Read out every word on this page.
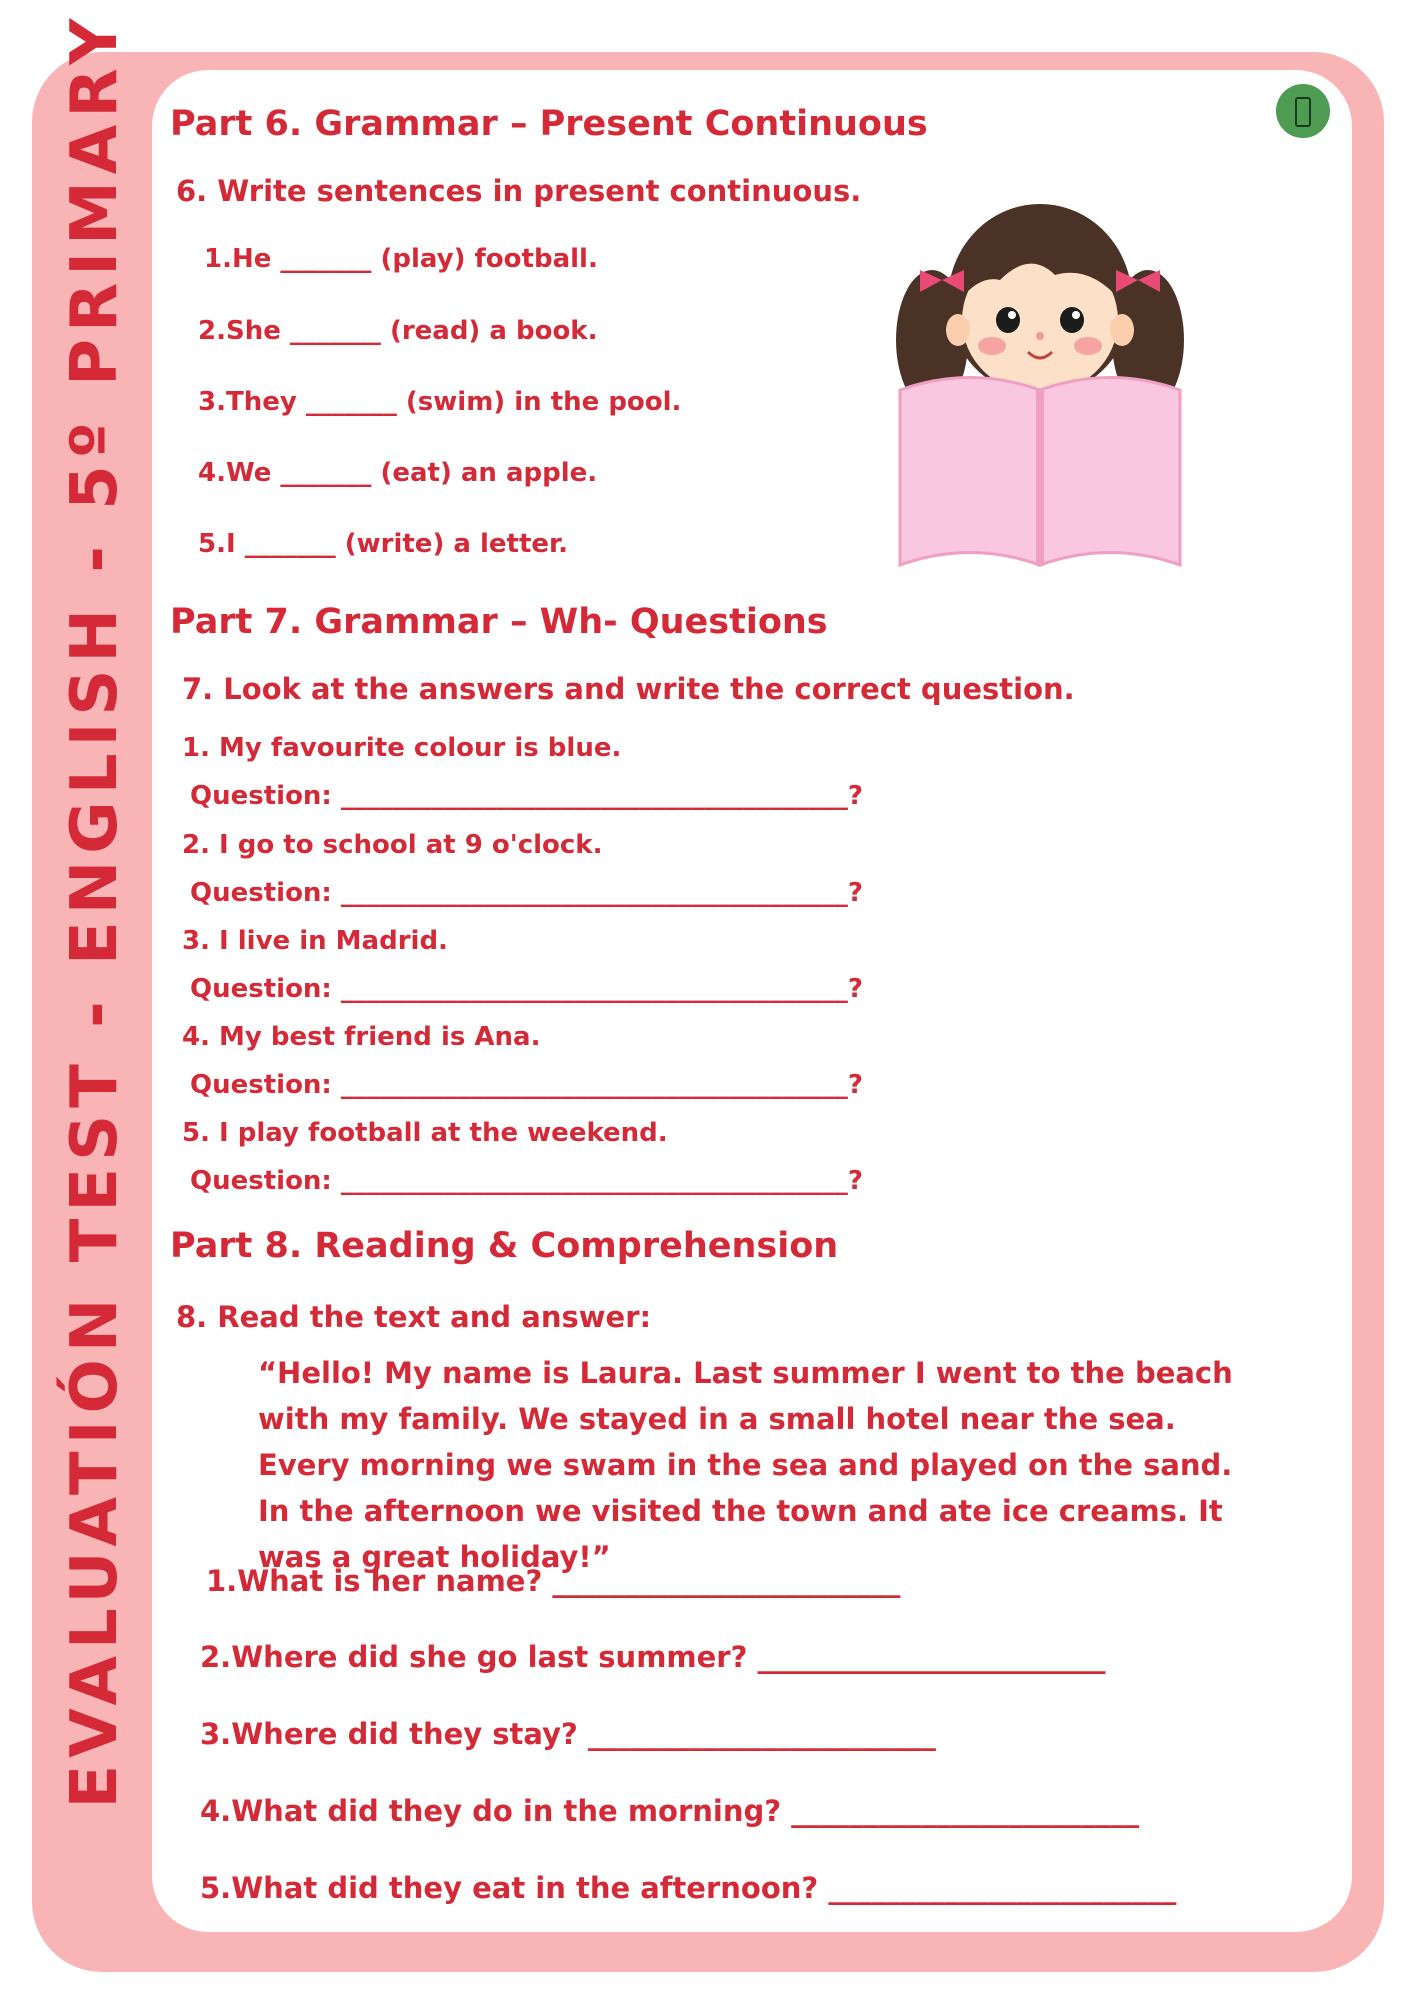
EVALUATIÓN TEST - ENGLISH - 5º PRIMARY Part 6. Grammar – Present Continuous
6. Write sentences in present continuous.
1.He _______ (play) football.
2.She _______ (read) a book.
3.They _______ (swim) in the pool.
4.We _______ (eat) an apple.
5.I _______ (write) a letter.
Part 7. Grammar – Wh- Questions
7. Look at the answers and write the correct question.
1. My favourite colour is blue.
Question: _______________________________________?
2. I go to school at 9 o'clock.
Question: _______________________________________?
3. I live in Madrid.
Question: _______________________________________?
4. My best friend is Ana.
Question: _______________________________________?
5. I play football at the weekend.
Question: _______________________________________?
Part 8. Reading & Comprehension
8. Read the text and answer:
“Hello! My name is Laura. Last summer I went to the beach with my family. We stayed in a small hotel near the sea. Every morning we swam in the sea and played on the sand. In the afternoon we visited the town and ate ice creams. It was a great holiday!”
1.What is her name? ________________________
2.Where did she go last summer? ________________________
3.Where did they stay? ________________________
4.What did they do in the morning? ________________________
5.What did they eat in the afternoon? ________________________
